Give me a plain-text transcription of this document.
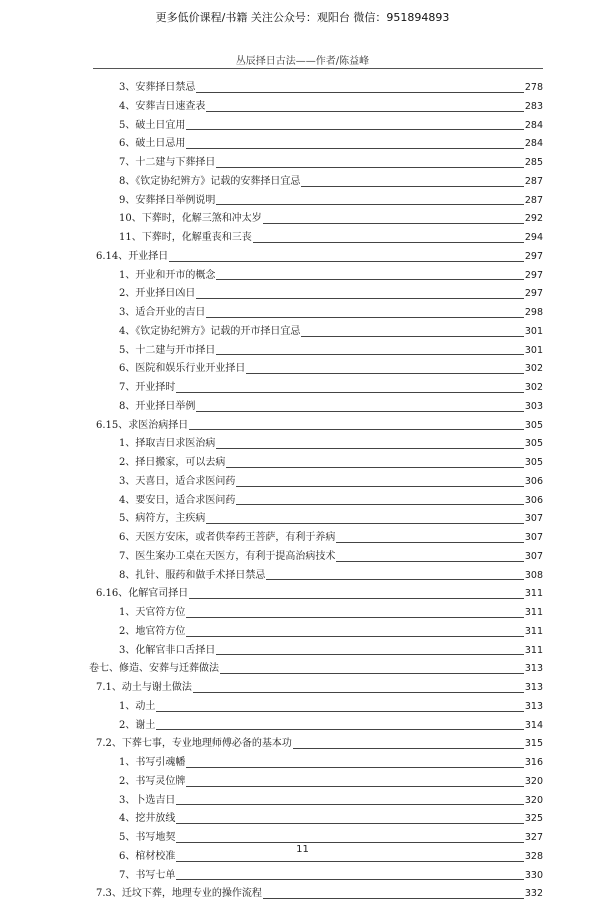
更多低价课程/书籍 关注公众号：观阳台 微信：951894893
丛辰择日古法——作者/陈益峰
3、安葬择日禁忌	278
4、安葬吉日速查表	283
5、破土日宜用	284
6、破土日忌用	284
7、十二建与下葬择日	285
8、《钦定协纪辨方》记载的安葬择日宜忌	287
9、安葬择日举例说明	287
10、下葬时，化解三煞和冲太岁	292
11、下葬时，化解重丧和三丧	294
6.14、开业择日	297
1、开业和开市的概念	297
2、开业择日凶日	297
3、适合开业的吉日	298
4、《钦定协纪辨方》记载的开市择日宜忌	301
5、十二建与开市择日	301
6、医院和娱乐行业开业择日	302
7、开业择时	302
8、开业择日举例	303
6.15、求医治病择日	305
1、择取吉日求医治病	305
2、择日搬家，可以去病	305
3、天喜日，适合求医问药	306
4、要安日，适合求医问药	306
5、病符方，主疾病	307
6、天医方安床，或者供奉药王菩萨，有利于养病	307
7、医生案办工桌在天医方，有利于提高治病技术	307
8、扎针、服药和做手术择日禁忌	308
6.16、化解官司择日	311
1、天官符方位	311
2、地官符方位	311
3、化解官非口舌择日	311
卷七、修造、安葬与迁葬做法	313
7.1、动土与谢土做法	313
1、动土	313
2、谢土	314
7.2、下葬七事，专业地理师傅必备的基本功	315
1、书写引魂幡	316
2、书写灵位牌	320
3、卜选吉日	320
4、挖井放线	325
5、书写地契	327
6、棺材校准	328
7、书写七单	330
7.3、迁坟下葬，地理专业的操作流程	332
11
